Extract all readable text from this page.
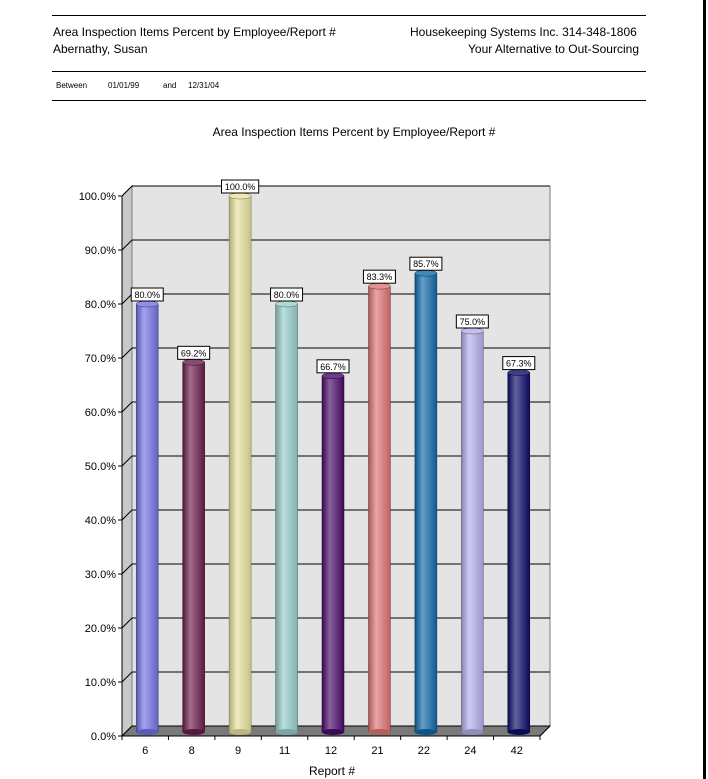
Area Inspection Items Percent by Employee/Report #
Abernathy, Susan
Housekeeping Systems Inc. 314-348-1806
Your Alternative to Out-Sourcing
Between	01/01/99	and 12/31/04
Area Inspection Items Percent by Employee/Report #
0.0%
10.0%
20.0%
30.0%
40.0%
50.0%
60.0%
70.0%
80.0%
90.0%
100.0%
6	8	9	11	12	21	22	24	42
80.0%
69.2%
100.0%
80.0%
66.7%
83.3%
85.7%
75.0%
67.3%
Report #
